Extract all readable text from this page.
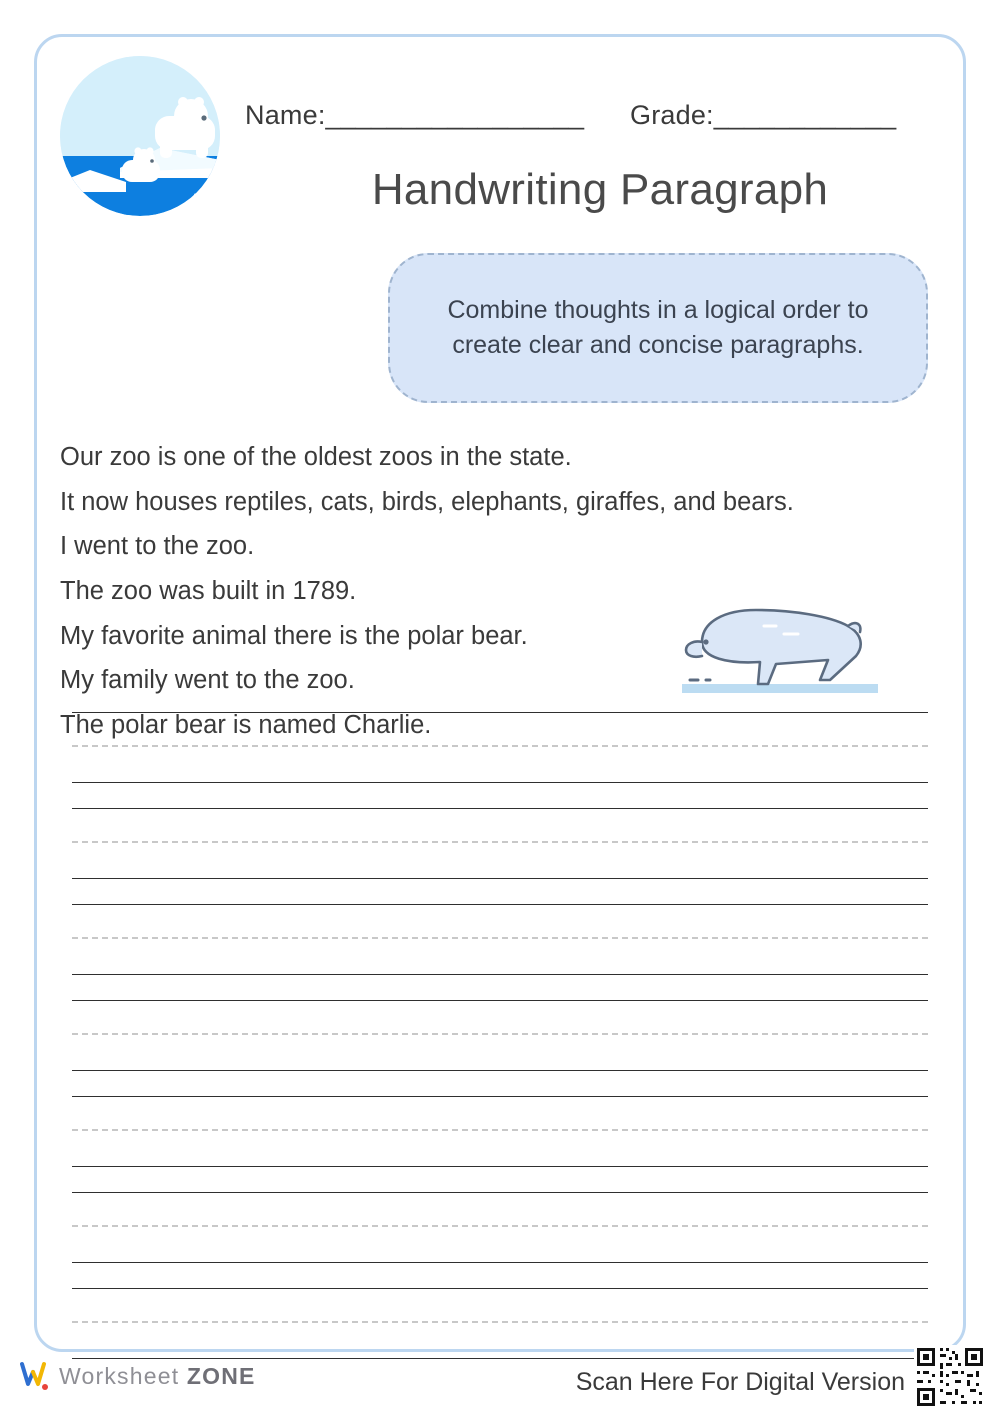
Name:_________________ Grade:____________
Handwriting Paragraph

Combine thoughts in a logical order to create clear and concise paragraphs.

Our zoo is one of the oldest zoos in the state.
It now houses reptiles, cats, birds, elephants, giraffes, and bears.
I went to the zoo.
The zoo was built in 1789.
My favorite animal there is the polar bear.
My family went to the zoo.
The polar bear is named Charlie.
Worksheet ZONE	Scan Here For Digital Version
